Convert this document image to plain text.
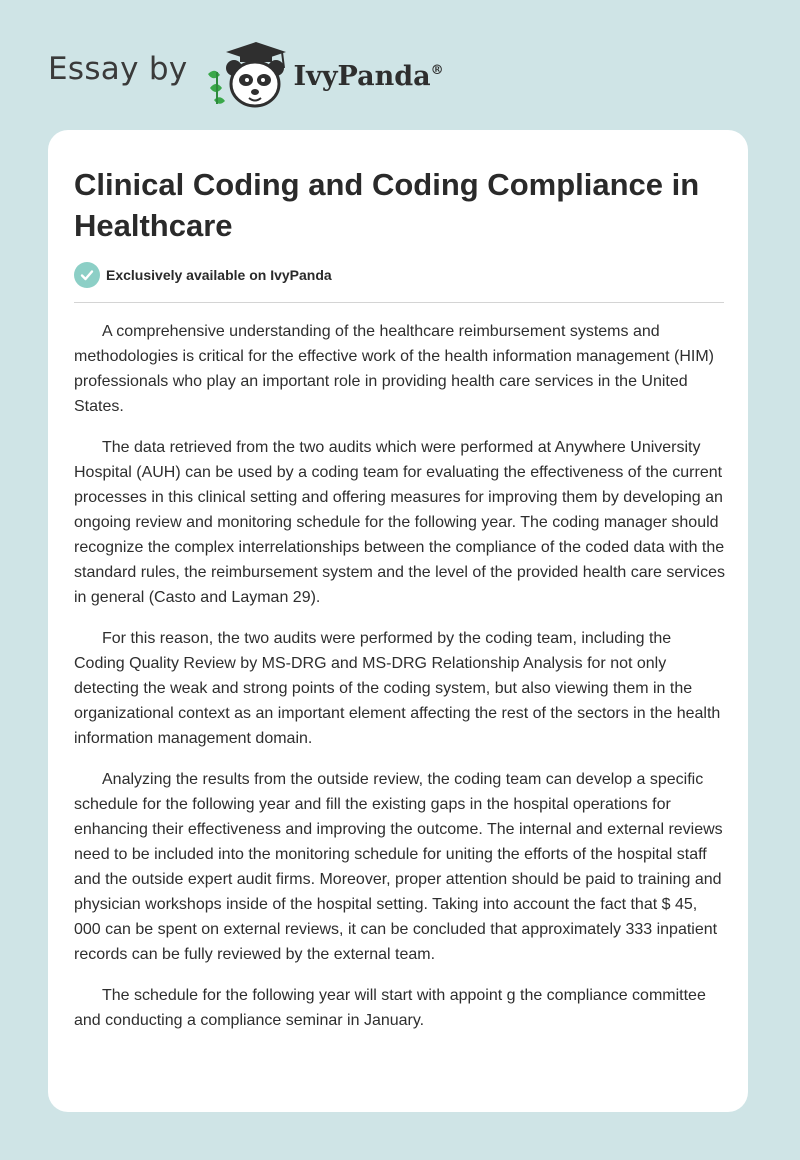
Essay by	IvyPanda®
Clinical Coding and Coding Compliance in Healthcare
Exclusively available on IvyPanda

A comprehensive understanding of the healthcare reimbursement systems and methodologies is critical for the effective work of the health information management (HIM) professionals who play an important role in providing health care services in the United States.

The data retrieved from the two audits which were performed at Anywhere University Hospital (AUH) can be used by a coding team for evaluating the effectiveness of the current processes in this clinical setting and offering measures for improving them by developing an ongoing review and monitoring schedule for the following year. The coding manager should recognize the complex interrelationships between the compliance of the coded data with the standard rules, the reimbursement system and the level of the provided health care services in general (Casto and Layman 29).

For this reason, the two audits were performed by the coding team, including the Coding Quality Review by MS-DRG and MS-DRG Relationship Analysis for not only detecting the weak and strong points of the coding system, but also viewing them in the organizational context as an important element affecting the rest of the sectors in the health information management domain.

Analyzing the results from the outside review, the coding team can develop a specific schedule for the following year and fill the existing gaps in the hospital operations for enhancing their effectiveness and improving the outcome. The internal and external reviews need to be included into the monitoring schedule for uniting the efforts of the hospital staff and the outside expert audit firms. Moreover, proper attention should be paid to training and physician workshops inside of the hospital setting. Taking into account the fact that $ 45, 000 can be spent on external reviews, it can be concluded that approximately 333 inpatient records can be fully reviewed by the external team.

The schedule for the following year will start with appoint g the compliance committee and conducting a compliance seminar in January.
